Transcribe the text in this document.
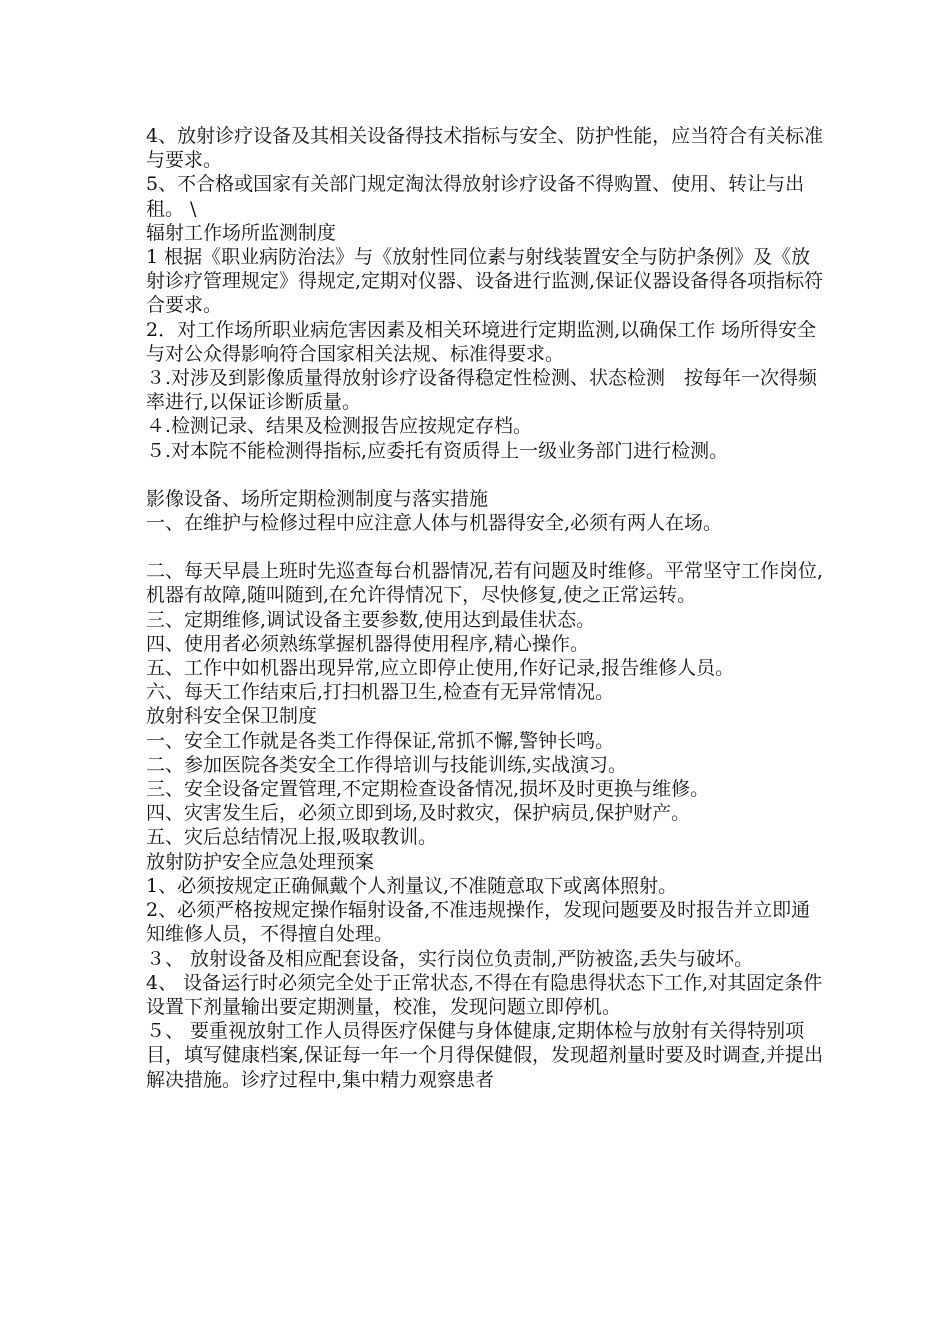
4、放射诊疗设备及其相关设备得技术指标与安全、防护性能，应当符合有关标准与要求。

5、不合格或国家有关部门规定淘汰得放射诊疗设备不得购置、使用、转让与出租。 \

辐射工作场所监测制度

1 根据《职业病防治法》与《放射性同位素与射线装置安全与防护条例》及《放射诊疗管理规定》得规定,定期对仪器、设备进行监测,保证仪器设备得各项指标符合要求。

2．对工作场所职业病危害因素及相关环境进行定期监测,以确保工作 场所得安全与对公众得影响符合国家相关法规、标准得要求。

３.对涉及到影像质量得放射诊疗设备得稳定性检测、状态检测　按每年一次得频率进行,以保证诊断质量。

４.检测记录、结果及检测报告应按规定存档。

５.对本院不能检测得指标,应委托有资质得上一级业务部门进行检测。

影像设备、场所定期检测制度与落实措施

一、在维护与检修过程中应注意人体与机器得安全,必须有两人在场。

二、每天早晨上班时先巡查每台机器情况,若有问题及时维修。平常坚守工作岗位,机器有故障,随叫随到,在允许得情况下，尽快修复,使之正常运转。

三、定期维修,调试设备主要参数,使用达到最佳状态。

四、使用者必须熟练掌握机器得使用程序,精心操作。

五、工作中如机器出现异常,应立即停止使用,作好记录,报告维修人员。

六、每天工作结束后,打扫机器卫生,检查有无异常情况。

放射科安全保卫制度

一、安全工作就是各类工作得保证,常抓不懈,警钟长鸣。

二、参加医院各类安全工作得培训与技能训练,实战演习。

三、安全设备定置管理,不定期检查设备情况,损坏及时更换与维修。

四、灾害发生后，必须立即到场,及时救灾，保护病员,保护财产。

五、灾后总结情况上报,吸取教训。

放射防护安全应急处理预案

1、必须按规定正确佩戴个人剂量议,不准随意取下或离体照射。

2、必须严格按规定操作辐射设备,不准违规操作，发现问题要及时报告并立即通知维修人员，不得擅自处理。

３、 放射设备及相应配套设备，实行岗位负责制,严防被盗,丢失与破坏。

4、 设备运行时必须完全处于正常状态,不得在有隐患得状态下工作,对其固定条件设置下剂量输出要定期测量，校准，发现问题立即停机。

５、 要重视放射工作人员得医疗保健与身体健康,定期体检与放射有关得特别项目，填写健康档案,保证每一年一个月得保健假，发现超剂量时要及时调查,并提出解决措施。诊疗过程中,集中精力观察患者
